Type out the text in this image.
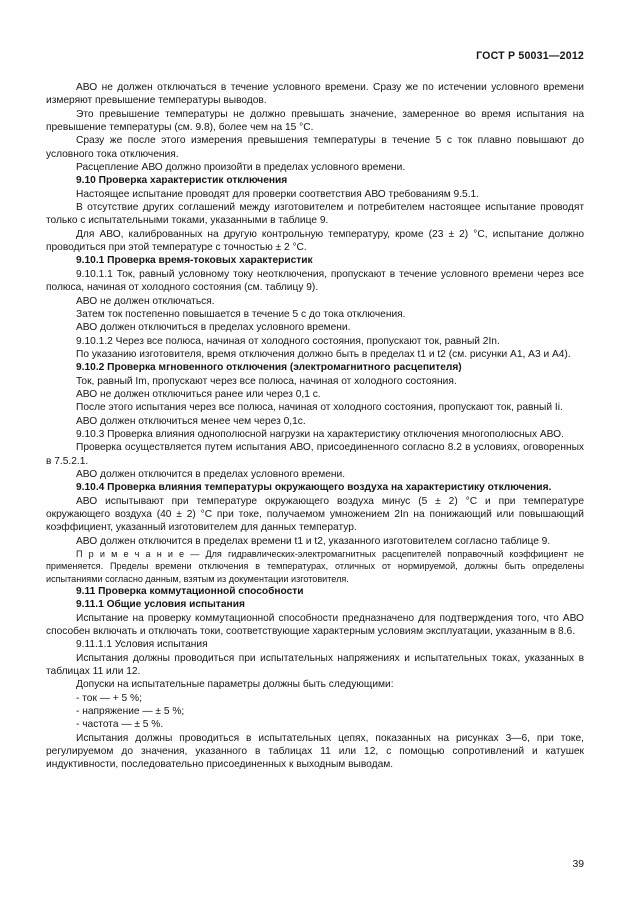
ГОСТ Р 50031—2012

АВО не должен отключаться в течение условного времени. Сразу же по истечении условного времени измеряют превышение температуры выводов.

Это превышение температуры не должно превышать значение, замеренное во время испытания на превышение температуры (см. 9.8), более чем на 15 °С.

Сразу же после этого измерения превышения температуры в течение 5 с ток плавно повышают до условного тока отключения.

Расцепление АВО должно произойти в пределах условного времени.

9.10 Проверка характеристик отключения

Настоящее испытание проводят для проверки соответствия АВО требованиям 9.5.1.

В отсутствие других соглашений между изготовителем и потребителем настоящее испытание проводят только с испытательными токами, указанными в таблице 9.

Для АВО, калиброванных на другую контрольную температуру, кроме (23 ± 2) °С, испытание должно проводиться при этой температуре с точностью ± 2 °С.

9.10.1 Проверка время-токовых характеристик

9.10.1.1 Ток, равный условному току неотключения, пропускают в течение условного времени через все полюса, начиная от холодного состояния (см. таблицу 9).

АВО не должен отключаться.

Затем ток постепенно повышается в течение 5 с до тока отключения.

АВО должен отключиться в пределах условного времени.

9.10.1.2 Через все полюса, начиная от холодного состояния, пропускают ток, равный 2In.

По указанию изготовителя, время отключения должно быть в пределах t1 и t2 (см. рисунки А1, А3 и А4).

9.10.2 Проверка мгновенного отключения (электромагнитного расцепителя)

Ток, равный Im, пропускают через все полюса, начиная от холодного состояния.

АВО не должен отключиться ранее или через 0,1 с.

После этого испытания через все полюса, начиная от холодного состояния, пропускают ток, равный Ii.

АВО должен отключиться менее чем через 0,1с.

9.10.3 Проверка влияния однополюсной нагрузки на характеристику отключения многополюсных АВО.

Проверка осуществляется путем испытания АВО, присоединенного согласно 8.2 в условиях, оговоренных в 7.5.2.1.

АВО должен отключится в пределах условного времени.

9.10.4 Проверка влияния температуры окружающего воздуха на характеристику отключения.

АВО испытывают при температуре окружающего воздуха минус (5 ± 2) °С и при температуре окружающего воздуха (40 ± 2) °С при токе, получаемом умножением 2In на понижающий или повышающий коэффициент, указанный изготовителем для данных температур.

АВО должен отключится в пределах времени t1 и t2, указанного изготовителем согласно таблице 9.

П р и м е ч а н и е — Для гидравлических-электромагнитных расцепителей поправочный коэффициент не применяется. Пределы времени отключения в температурах, отличных от нормируемой, должны быть определены испытаниями согласно данным, взятым из документации изготовителя.

9.11 Проверка коммутационной способности

9.11.1 Общие условия испытания

Испытание на проверку коммутационной способности предназначено для подтверждения того, что АВО способен включать и отключать токи, соответствующие характерным условиям эксплуатации, указанным в 8.6.

9.11.1.1 Условия испытания

Испытания должны проводиться при испытательных напряжениях и испытательных токах, указанных в таблицах 11 или 12.

Допуски на испытательные параметры должны быть следующими:

- ток — + 5 %;

- напряжение — ± 5 %;

- частота — ± 5 %.

Испытания должны проводиться в испытательных цепях, показанных на рисунках 3—6, при токе, регулируемом до значения, указанного в таблицах 11 или 12, с помощью сопротивлений и катушек индуктивности, последовательно присоединенных к выходным выводам.

39
